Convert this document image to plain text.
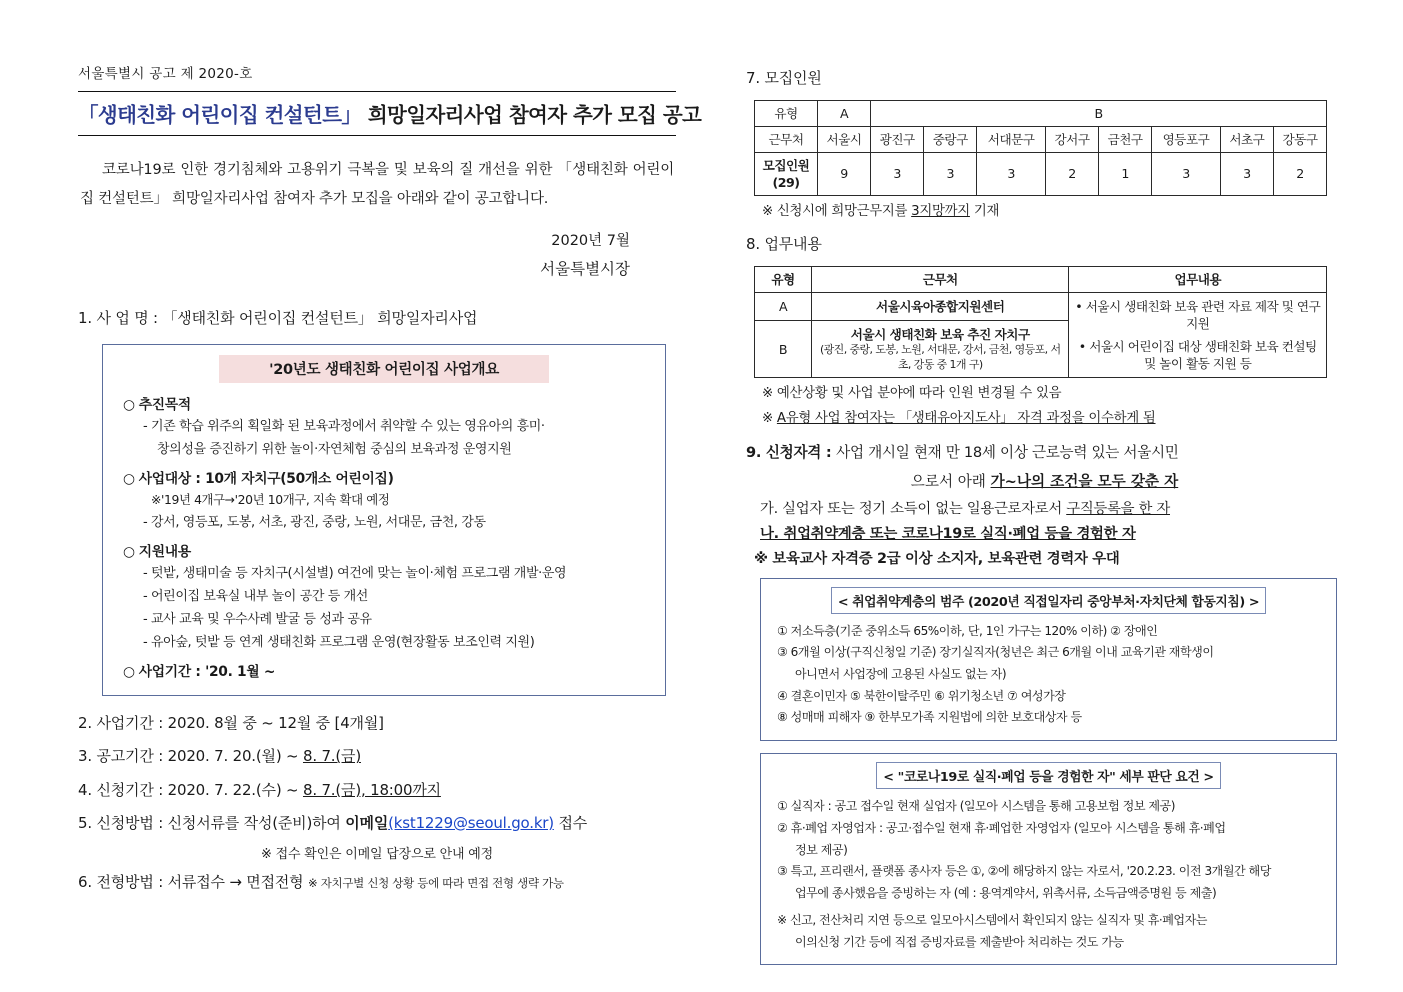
서울특별시 공고 제 2020-호
「생태친화 어린이집 컨설턴트」 희망일자리사업 참여자 추가 모집 공고

코로나19로 인한 경기침체와 고용위기 극복을 및 보육의 질 개선을 위한 「생태친화 어린이집 컨설턴트」 희망일자리사업 참여자 추가 모집을 아래와 같이 공고합니다.

2020년 7월
서울특별시장
1. 사 업 명 : 「생태친화 어린이집 컨설턴트」 희망일자리사업
'20년도 생태친화 어린이집 사업개요
○ 추진목적
- 기존 학습 위주의 획일화 된 보육과정에서 취약할 수 있는 영유아의 흥미·
창의성을 증진하기 위한 놀이·자연체험 중심의 보육과정 운영지원
○ 사업대상 : 10개 자치구(50개소 어린이집)
※'19년 4개구→'20년 10개구, 지속 확대 예정
- 강서, 영등포, 도봉, 서초, 광진, 중랑, 노원, 서대문, 금천, 강동
○ 지원내용
- 텃밭, 생태미술 등 자치구(시설별) 여건에 맞는 놀이·체험 프로그램 개발·운영
- 어린이집 보육실 내부 놀이 공간 등 개선
- 교사 교육 및 우수사례 발굴 등 성과 공유
- 유아숲, 텃밭 등 연계 생태친화 프로그램 운영(현장활동 보조인력 지원)
○ 사업기간 : '20. 1월 ~
2. 사업기간 : 2020. 8월 중 ~ 12월 중 [4개월]
3. 공고기간 : 2020. 7. 20.(월) ~ 8. 7.(금)
4. 신청기간 : 2020. 7. 22.(수) ~ 8. 7.(금), 18:00까지
5. 신청방법 : 신청서류를 작성(준비)하여 이메일(kst1229@seoul.go.kr) 접수
※ 접수 확인은 이메일 답장으로 안내 예정
6. 전형방법 : 서류접수 → 면접전형 ※ 자치구별 신청 상황 등에 따라 면접 전형 생략 가능
7. 모집인원
유형	A	B							
근무처	서울시	광진구	중랑구	서대문구	강서구	금천구	영등포구	서초구	강동구
모집인원 (29)	9	3	3	3	2	1	3	3	2
※ 신청시에 희망근무지를 3지망까지 기재
8. 업무내용
유형	근무처	업무내용
A	서울시육아종합지원센터	• 서울시 생태친화 보육 관련 자료 제작 및 연구 지원
• 서울시 어린이집 대상 생태친화 보육 컨설팅 및 놀이 활동 지원 등

B	서울시 생태친화 보육 추진 자치구
(광진, 중랑, 도봉, 노원, 서대문, 강서, 금천, 영등포, 서초, 강동 중 1개 구)	
※ 예산상황 및 사업 분야에 따라 인원 변경될 수 있음
※ A유형 사업 참여자는 「생태유아지도사」 자격 과정을 이수하게 됨
9. 신청자격 : 사업 개시일 현재 만 18세 이상 근로능력 있는 서울시민
으로서 아래 가~나의 조건을 모두 갖춘 자
가. 실업자 또는 정기 소득이 없는 일용근로자로서 구직등록을 한 자
나. 취업취약계층 또는 코로나19로 실직·폐업 등을 경험한 자
※ 보육교사 자격증 2급 이상 소지자, 보육관련 경력자 우대
< 취업취약계층의 범주 (2020년 직접일자리 중앙부처·자치단체 합동지침) >
① 저소득층(기준 중위소득 65%이하, 단, 1인 가구는 120% 이하) ② 장애인
③ 6개월 이상(구직신청일 기준) 장기실직자(청년은 최근 6개월 이내 교육기관 재학생이
아니면서 사업장에 고용된 사실도 없는 자)
④ 결혼이민자 ⑤ 북한이탈주민 ⑥ 위기청소년 ⑦ 여성가장
⑧ 성매매 피해자 ⑨ 한부모가족 지원법에 의한 보호대상자 등
< "코로나19로 실직·폐업 등을 경험한 자" 세부 판단 요건 >
① 실직자 : 공고 접수일 현재 실업자 (일모아 시스템을 통해 고용보험 정보 제공)
② 휴·폐업 자영업자 : 공고·접수일 현재 휴·폐업한 자영업자 (일모아 시스템을 통해 휴·폐업
정보 제공)
③ 특고, 프리랜서, 플랫폼 종사자 등은 ①, ②에 해당하지 않는 자로서, '20.2.23. 이전 3개월간 해당
업무에 종사했음을 증빙하는 자 (예 : 용역계약서, 위촉서류, 소득금액증명원 등 제출)
※ 신고, 전산처리 지연 등으로 일모아시스템에서 확인되지 않는 실직자 및 휴·폐업자는
이의신청 기간 등에 직접 증빙자료를 제출받아 처리하는 것도 가능
